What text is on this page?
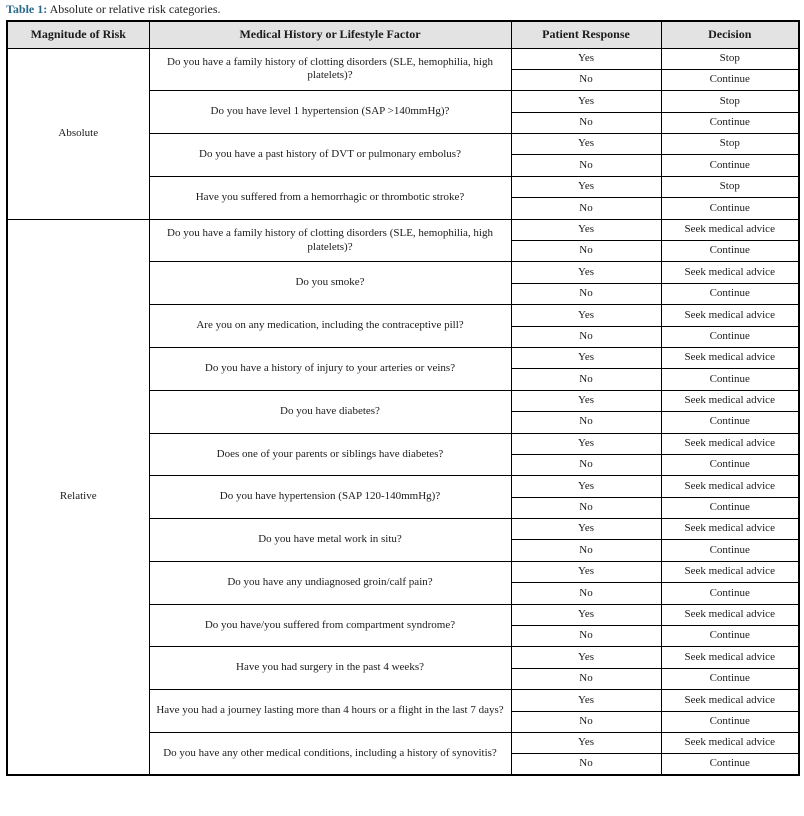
Table 1: Absolute or relative risk categories.

Magnitude of Risk	Medical History or Lifestyle Factor	Patient Response	Decision
Absolute	Do you have a family history of clotting disorders (SLE, hemophilia, high platelets)?	Yes	Stop
		No	Continue
	Do you have level 1 hypertension (SAP >140mmHg)?	Yes	Stop
		No	Continue
	Do you have a past history of DVT or pulmonary embolus?	Yes	Stop
		No	Continue
	Have you suffered from a hemorrhagic or thrombotic stroke?	Yes	Stop
		No	Continue
Relative	Do you have a family history of clotting disorders (SLE, hemophilia, high platelets)?	Yes	Seek medical advice
		No	Continue
	Do you smoke?	Yes	Seek medical advice
		No	Continue
	Are you on any medication, including the contraceptive pill?	Yes	Seek medical advice
		No	Continue
	Do you have a history of injury to your arteries or veins?	Yes	Seek medical advice
		No	Continue
	Do you have diabetes?	Yes	Seek medical advice
		No	Continue
	Does one of your parents or siblings have diabetes?	Yes	Seek medical advice
		No	Continue
	Do you have hypertension (SAP 120-140mmHg)?	Yes	Seek medical advice
		No	Continue
	Do you have metal work in situ?	Yes	Seek medical advice
		No	Continue
	Do you have any undiagnosed groin/calf pain?	Yes	Seek medical advice
		No	Continue
	Do you have/you suffered from compartment syndrome?	Yes	Seek medical advice
		No	Continue
	Have you had surgery in the past 4 weeks?	Yes	Seek medical advice
		No	Continue
	Have you had a journey lasting more than 4 hours or a flight in the last 7 days?	Yes	Seek medical advice
		No	Continue
	Do you have any other medical conditions, including a history of synovitis?	Yes	Seek medical advice
		No	Continue
